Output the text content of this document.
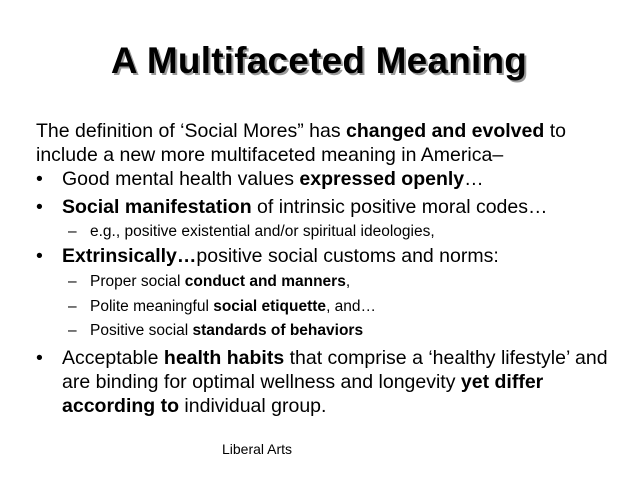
A Multifaceted Meaning
The definition of ‘Social Mores” has changed and evolved to include a new more multifaceted meaning in America–
• Good mental health values expressed openly…
• Social manifestation of intrinsic positive moral codes…
– e.g., positive existential and/or spiritual ideologies,
• Extrinsically…positive social customs and norms:
– Proper social conduct and manners,
– Polite meaningful social etiquette, and…
– Positive social standards of behaviors
• Acceptable health habits that comprise a ‘healthy lifestyle’ and are binding for optimal wellness and longevity yet differ according to individual group.
Liberal Arts
